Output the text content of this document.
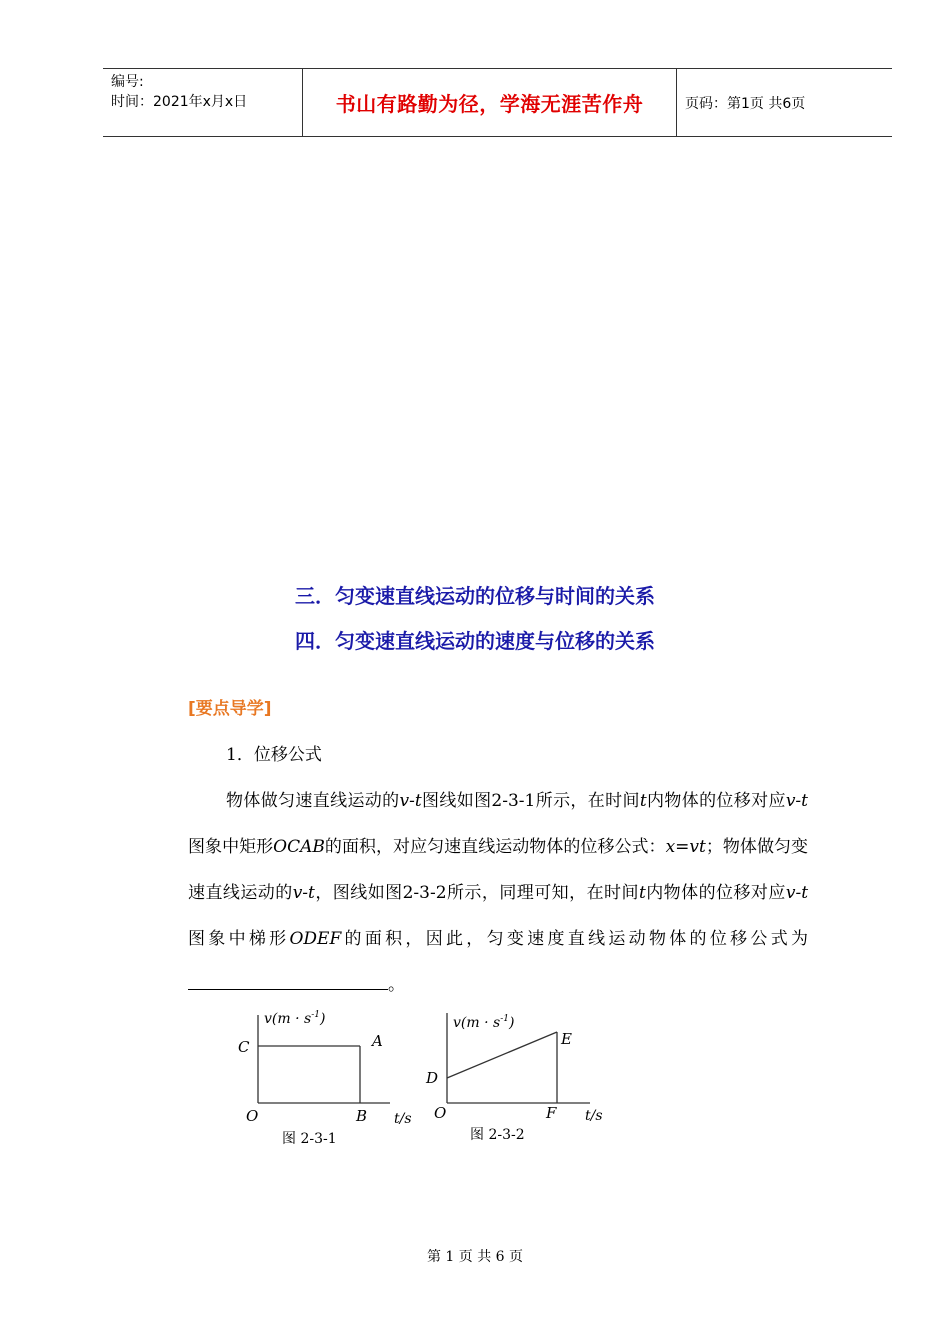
编号:
时间：2021年x月x日	书山有路勤为径，学海无涯苦作舟	页码：第1页 共6页
三．匀变速直线运动的位移与时间的关系
四．匀变速直线运动的速度与位移的关系
[要点导学]
1．位移公式
物体做匀速直线运动的v-t图线如图2-3-1所示，在时间t内物体的位移对应v-t图象中矩形OCAB的面积，对应匀速直线运动物体的位移公式：x=vt；物体做匀变速直线运动的v-t，图线如图2-3-2所示，同理可知，在时间t内物体的位移对应v-t图象中梯形ODEF的面积，因此，匀变速度直线运动物体的位移公式为。
$v(m \cdot s^{-1})$
C	A
O	B t/s
图 2-3-1
$v(m \cdot s^{-1})$
D
E
O	F t/s
图 2-3-2
第 1 页 共 6 页
